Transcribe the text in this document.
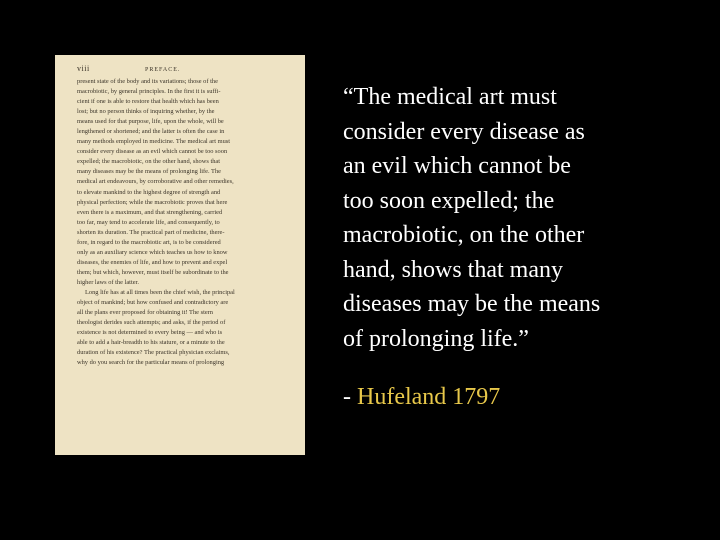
viii	PREFACE.
present state of the body and its variations; those of the
macrobiotic, by general principles. In the first it is suffi-
cient if one is able to restore that health which has been
lost; but no person thinks of inquiring whether, by the
means used for that purpose, life, upon the whole, will be
lengthened or shortened; and the latter is often the case in
many methods employed in medicine. The medical art must
consider every disease as an evil which cannot be too soon
expelled; the macrobiotic, on the other hand, shows that
many diseases may be the means of prolonging life. The
medical art endeavours, by corroborative and other remedies,
to elevate mankind to the highest degree of strength and
physical perfection; while the macrobiotic proves that here
even there is a maximum, and that strengthening, carried
too far, may tend to accelerate life, and consequently, to
shorten its duration. The practical part of medicine, there-
fore, in regard to the macrobiotic art, is to be considered
only as an auxiliary science which teaches us how to know
diseases, the enemies of life, and how to prevent and expel
them; but which, however, must itself be subordinate to the
higher laws of the latter.
Long life has at all times been the chief wish, the principal
object of mankind; but how confused and contradictory are
all the plans ever proposed for obtaining it! The stern
theologist derides such attempts; and asks, if the period of
existence is not determined to every being — and who is
able to add a hair-breadth to his stature, or a minute to the
duration of his existence? The practical physician exclaims,
why do you search for the particular means of prolonging
“The medical art must
consider every disease as
an evil which cannot be
too soon expelled; the
macrobiotic, on the other
hand, shows that many
diseases may be the means
of prolonging life.”
- Hufeland 1797
